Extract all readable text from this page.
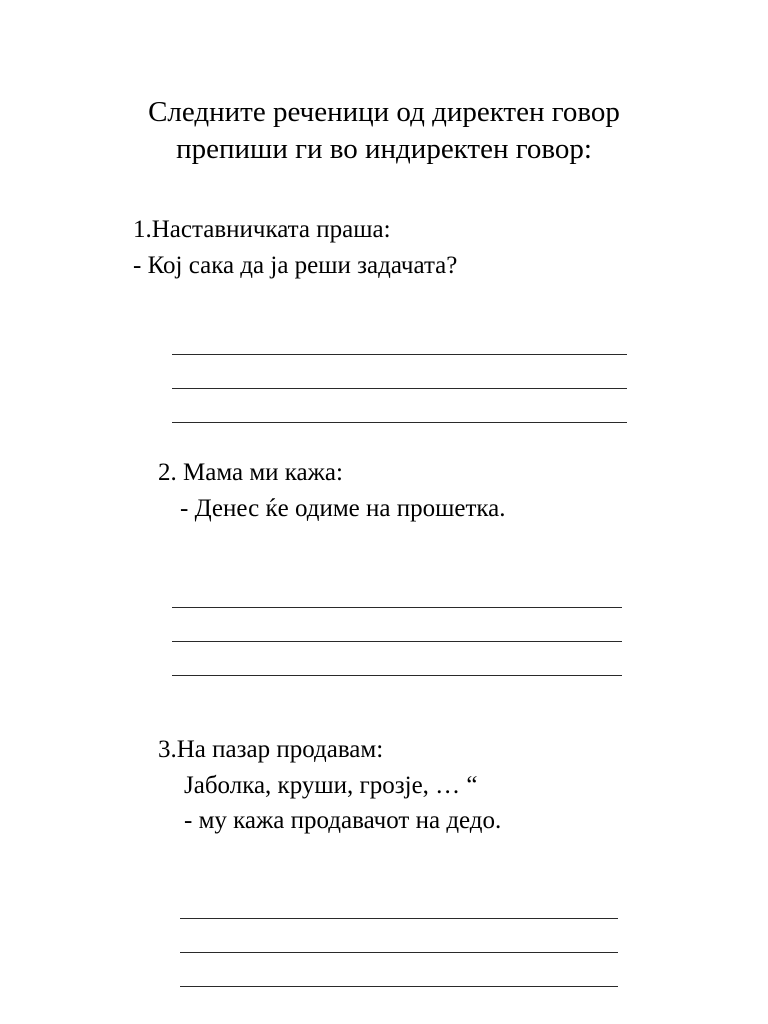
Следните реченици од директен говор
препиши ги во индиректен говор:
1.Наставничката праша:
- Кој сака да ја реши задачата?
2. Мама ми кажа:
- Денес ќе одиме на прошетка.
3.На пазар продавам:
Јаболка, круши, грозје, … “
- му кажа продавачот на дедо.
